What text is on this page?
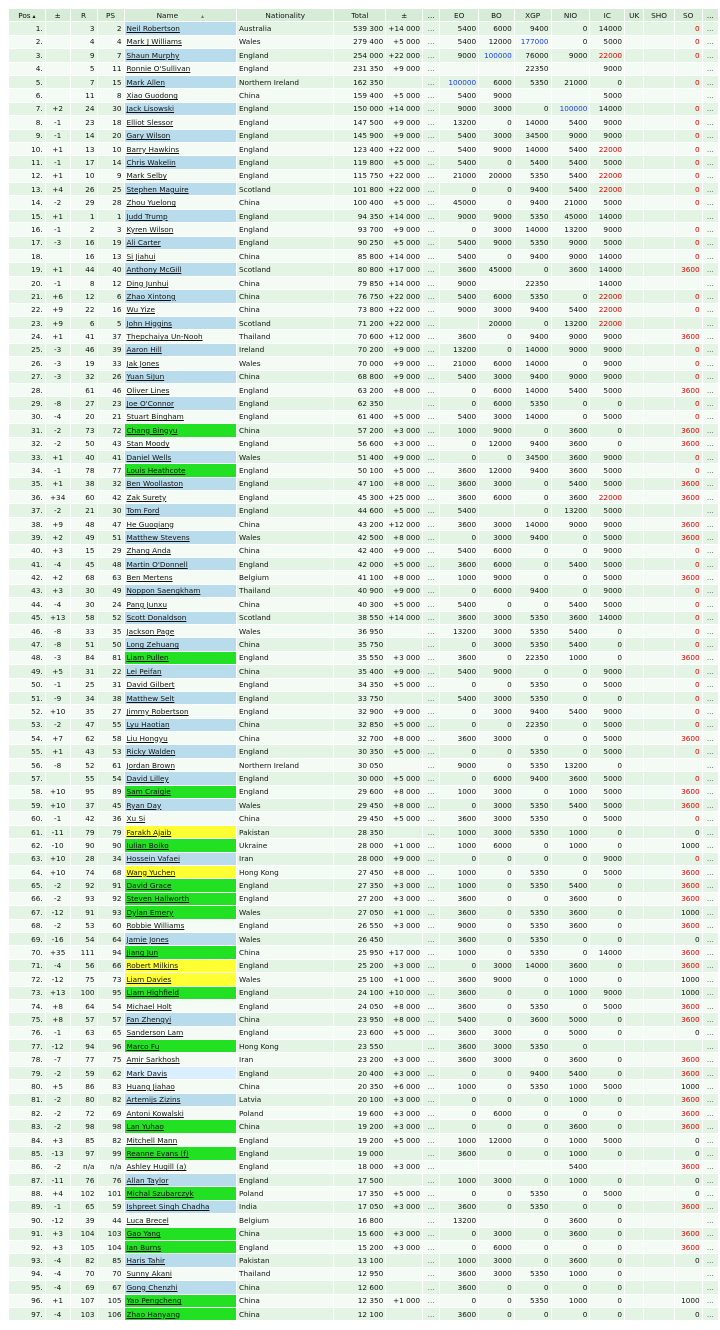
Pos ▴	±	R	PS	Name            ▴	Nationality	Total	±	...	EO	BO	XGP	NIO	IC	UK	SHO	SO	...
1.		3	2	Neil Robertson	Australia	539 300	+14 000	...	5400	6000	9400	0	14000			0	...
2.		4	4	Mark J Williams	Wales	279 400	+5 000	...	5400	12000	177000	0	5000			0	...
3.		9	7	Shaun Murphy	England	254 000	+22 000	...	9000	100000	76000	9000	22000			0	...
4.		5	11	Ronnie O'Sullivan	England	231 350	+9 000	...			22350		9000				...
5.		7	15	Mark Allen	Northern Ireland	162 350		...	100000	6000	5350	21000	0			0	...
6.		11	8	Xiao Guodong	China	159 400	+5 000	...	5400	9000			5000				...
7.	+2	24	30	Jack Lisowski	England	150 000	+14 000	...	9000	3000	0	100000	14000			0	...
8.	-1	23	18	Elliot Slessor	England	147 500	+9 000	...	13200	0	14000	5400	9000			0	...
9.	-1	14	20	Gary Wilson	England	145 900	+9 000	...	5400	3000	34500	9000	9000			0	...
10.	+1	13	10	Barry Hawkins	England	123 400	+22 000	...	5400	9000	14000	5400	22000			0	...
11.	-1	17	14	Chris Wakelin	England	119 800	+5 000	...	5400	0	5400	5400	5000			0	...
12.	+1	10	9	Mark Selby	England	115 750	+22 000	...	21000	20000	5350	5400	22000			0	...
13.	+4	26	25	Stephen Maguire	Scotland	101 800	+22 000	...	0	0	9400	5400	22000			0	...
14.	-2	29	28	Zhou Yuelong	China	100 400	+5 000	...	45000	0	9400	21000	5000			0	...
15.	+1	1	1	Judd Trump	England	94 350	+14 000	...	9000	9000	5350	45000	14000				...
16.	-1	2	3	Kyren Wilson	England	93 700	+9 000	...	0	3000	14000	13200	9000			0	...
17.	-3	16	19	Ali Carter	England	90 250	+5 000	...	5400	9000	5350	9000	5000			0	...
18.		16	13	Si Jiahui	China	85 800	+14 000	...	5400	0	9400	9000	14000			0	...
19.	+1	44	40	Anthony McGill	Scotland	80 800	+17 000	...	3600	45000	0	3600	14000			3600	...
20.	-1	8	12	Ding Junhui	China	79 850	+14 000	...	9000		22350		14000				...
21.	+6	12	6	Zhao Xintong	China	76 750	+22 000	...	5400	6000	5350	0	22000			0	...
22.	+9	22	16	Wu Yize	China	73 800	+22 000	...	9000	3000	9400	5400	22000			0	...
23.	+9	6	5	John Higgins	Scotland	71 200	+22 000	...		20000	0	13200	22000				...
24.	+1	41	37	Thepchaiya Un-Nooh	Thailand	70 600	+12 000	...	3600	0	9400	9000	9000			3600	...
25.	-3	46	39	Aaron Hill	Ireland	70 200	+9 000	...	13200	0	14000	9000	9000			0	...
26.	-3	19	33	Jak Jones	Wales	70 000	+9 000	...	21000	6000	14000	0	9000			0	...
27.	-3	32	26	Yuan SiJun	China	68 800	+9 000	...	5400	3000	9400	9000	9000			0	...
28.		61	46	Oliver Lines	England	63 200	+8 000	...	0	6000	14000	5400	5000			3600	...
29.	-8	27	23	Joe O'Connor	England	62 350		...	0	6000	5350	0	0			0	...
30.	-4	20	21	Stuart Bingham	England	61 400	+5 000	...	5400	3000	14000	0	5000			0	...
31.	-2	73	72	Chang Bingyu	China	57 200	+3 000	...	1000	9000	0	3600	0			3600	...
32.	-2	50	43	Stan Moody	England	56 600	+3 000	...	0	12000	9400	3600	0			3600	...
33.	+1	40	41	Daniel Wells	Wales	51 400	+9 000	...	0	0	34500	3600	9000			0	...
34.	-1	78	77	Louis Heathcote	England	50 100	+5 000	...	3600	12000	9400	3600	5000			0	...
35.	+1	38	32	Ben Woollaston	England	47 100	+8 000	...	3600	3000	0	5400	5000			3600	...
36.	+34	60	42	Zak Surety	England	45 300	+25 000	...	3600	6000	0	3600	22000			3600	...
37.	-2	21	30	Tom Ford	England	44 600	+5 000	...	5400		0	13200	5000				...
38.	+9	48	47	He Guoqiang	China	43 200	+12 000	...	3600	3000	14000	9000	9000			3600	...
39.	+2	49	51	Matthew Stevens	Wales	42 500	+8 000	...	0	3000	9400	0	5000			3600	...
40.	+3	15	29	Zhang Anda	China	42 400	+9 000	...	5400	6000	0	0	9000			0	...
41.	-4	45	48	Martin O'Donnell	England	42 000	+5 000	...	3600	6000	0	5400	5000			0	...
42.	+2	68	63	Ben Mertens	Belgium	41 100	+8 000	...	1000	9000	0	0	5000			3600	...
43.	+3	30	49	Noppon Saengkham	Thailand	40 900	+9 000	...	0	6000	9400	0	9000			0	...
44.	-4	30	24	Pang Junxu	China	40 300	+5 000	...	5400	0	0	5400	5000			0	...
45.	+13	58	52	Scott Donaldson	Scotland	38 550	+14 000	...	3600	3000	5350	3600	14000			0	...
46.	-8	33	35	Jackson Page	Wales	36 950		...	13200	3000	5350	5400	0			0	...
47.	-8	51	50	Long Zehuang	China	35 750		...	0	3000	5350	5400	0			0	...
48.	-3	84	81	Liam Pullen	England	35 550	+3 000	...	3600	0	22350	1000	0			3600	...
49.	+5	31	22	Lei Peifan	China	35 400	+9 000	...	5400	9000	0	0	9000			0	...
50.	-1	25	31	David Gilbert	England	34 350	+5 000	...	0	0	5350	0	5000			0	...
51.	-9	34	38	Matthew Selt	England	33 750		...	5400	3000	5350	0	0			0	...
52.	+10	35	27	Jimmy Robertson	England	32 900	+9 000	...	0	3000	9400	5400	9000			0	...
53.	-2	47	55	Lyu Haotian	China	32 850	+5 000	...	0	0	22350	0	5000			0	...
54.	+7	62	58	Liu Hongyu	China	32 700	+8 000	...	3600	3000	0	0	5000			3600	...
55.	+1	43	53	Ricky Walden	England	30 350	+5 000	...	0	0	5350	0	5000			0	...
56.	-8	52	61	Jordan Brown	Northern Ireland	30 050		...	9000	0	5350	13200	0				...
57.		55	54	David Lilley	England	30 000	+5 000	...	0	6000	9400	3600	5000			0	...
58.	+10	95	89	Sam Craigie	England	29 600	+8 000	...	1000	3000	0	1000	5000			3600	...
59.	+10	37	45	Ryan Day	Wales	29 450	+8 000	...	0	3000	5350	5400	5000			3600	...
60.	-1	42	36	Xu Si	China	29 450	+5 000	...	3600	3000	5350	0	5000			0	...
61.	-11	79	79	Farakh Ajaib	Pakistan	28 350		...	1000	3000	5350	1000	0			0	...
62.	-10	90	90	Iulian Boiko	Ukraine	28 000	+1 000	...	1000	6000	0	1000	0			1000	...
63.	+10	28	34	Hossein Vafaei	Iran	28 000	+9 000	...	0	0	0	0	9000			0	...
64.	+10	74	68	Wang Yuchen	Hong Kong	27 450	+8 000	...	1000	0	5350	0	5000			3600	...
65.	-2	92	91	David Grace	England	27 350	+3 000	...	1000	0	5350	5400	0			3600	...
66.	-2	93	92	Steven Hallworth	England	27 200	+3 000	...	3600	0	0	3600	0			3600	...
67.	-12	91	93	Dylan Emery	Wales	27 050	+1 000	...	3600	0	5350	3600	0			1000	...
68.	-2	53	60	Robbie Williams	England	26 550	+3 000	...	9000	0	5350	3600	0			3600	...
69.	-16	54	64	Jamie Jones	Wales	26 450		...	3600	0	5350	0	0			0	...
70.	+35	111	94	Jiang Jun	China	25 950	+17 000	...	1000	0	5350	0	14000			3600	...
71.	-4	56	66	Robert Milkins	England	25 200	+3 000	...	0	3000	14000	3600	0			3600	...
72.	-12	75	73	Liam Davies	Wales	25 100	+1 000	...	3600	9000	0	1000	0			1000	...
73.	+13	100	95	Liam Highfield	England	24 100	+10 000	...	3600	0	0	1000	9000			1000	...
74.	+8	64	54	Michael Holt	England	24 050	+8 000	...	3600	0	5350	0	5000			3600	...
75.	+8	57	57	Fan Zhengyi	China	23 950	+8 000	...	5400	0	3600	5000	0			3600	...
76.	-1	63	65	Sanderson Lam	England	23 600	+5 000	...	3600	3000	0	5000	0			0	...
77.	-12	94	96	Marco Fu	Hong Kong	23 550		...	3600	3000	5350	0					...
78.	-7	77	75	Amir Sarkhosh	Iran	23 200	+3 000	...	3600	3000	0	3600	0			3600	...
79.	-2	59	62	Mark Davis	England	20 400	+3 000	...	0	0	9400	5400	0			3600	...
80.	+5	86	83	Huang Jiahao	China	20 350	+6 000	...	1000	0	5350	1000	5000			1000	...
81.	-2	80	82	Artemijs Zizins	Latvia	20 100	+3 000	...	0	0	0	1000	0			3600	...
82.	-2	72	69	Antoni Kowalski	Poland	19 600	+3 000	...	0	6000	0	0	0			3600	...
83.	-2	98	98	Lan Yuhao	China	19 200	+3 000	...	0	0	0	3600	0			3600	...
84.	+3	85	82	Mitchell Mann	England	19 200	+5 000	...	1000	12000	0	1000	5000			0	...
85.	-13	97	99	Reanne Evans (f)	England	19 000		...	3600	0	0	1000	0			0	...
86.	-2	n/a	n/a	Ashley Hugill (a)	England	18 000	+3 000	...				5400				3600	...
87.	-11	76	76	Allan Taylor	England	17 500		...	1000	3000	0	1000	0			0	...
88.	+4	102	101	Michal Szubarczyk	Poland	17 350	+5 000	...	0	0	5350	0	5000			0	...
89.	-1	65	59	Ishpreet Singh Chadha	India	17 050	+3 000	...	3600	0	5350	0	0			3600	...
90.	-12	39	44	Luca Brecel	Belgium	16 800		...	13200		0	3600	0				...
91.	+3	104	103	Gao Yang	China	15 600	+3 000	...	0	3000	0	3600	0			3600	...
92.	+3	105	104	Ian Burns	England	15 200	+3 000	...	0	6000	0	0	0			3600	...
93.	-4	82	85	Haris Tahir	Pakistan	13 100		...	1000	3000	0	3600	0			0	...
94.	-4	70	70	Sunny Akani	Thailand	12 950		...	3600	3000	5350	1000	0				...
95.	-4	69	67	Gong Chenzhi	China	12 600		...	3600	0	0	0	0				...
96.	+1	107	105	Yao Pengcheng	China	12 350	+1 000	...	0	0	5350	1000	0			1000	...
97.	-4	103	106	Zhao Hanyang	China	12 100		...	3600	0	0	0	0			0	...
